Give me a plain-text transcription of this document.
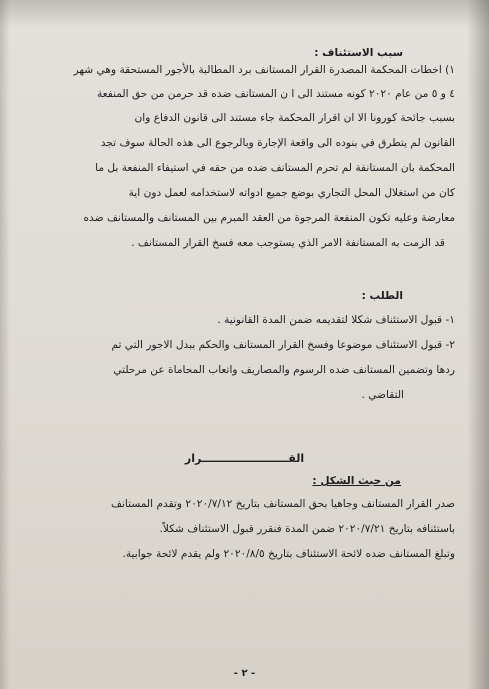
سبب الاستئناف :
١) اخطات المحكمة المصدرة القرار المستانف برد المطالبة بالأجور المستحقة وهي شهر
٤ و ٥ من عام ٢٠٢٠ كونه مستند الى ا ن المستانف ضده قد حرمن من حق المنفعة
بسبب جائحة كورونا الا ان اقرار المحكمة جاء مستند الى قانون الدفاع وان
القانون لم يتطرق في بنوده الى واقعة الإجارة وبالرجوع الى هذه الحالة سوف تجد
المحكمة بان المستانفة لم تحرم المستانف ضده من حقه في استيفاء المنفعة بل ما
كان من استغلال المحل التجاري بوضع جميع ادواته لاستخدامه لعمل دون اية
معارضة وعليه تكون المنفعة المرجوة من العقد المبرم بين المستانف والمستانف ضده
قد الزمت به المستانفة الامر الذي يستوجب معه فسخ القرار المستانف .
الطلب :
١- قبول الاستئناف شكلا لتقديمه ضمن المدة القانونية .
٢- قبول الاستئناف موضوعا وفسخ القرار المستانف والحكم ببدل الاجور التي تم
ردها وتضمين المستانف ضده الرسوم والمصاريف واتعاب المحاماة عن مرحلتي
التقاضي .
القـــــــــــــــــــــــرار
من حيث الشكل :
صدر القرار المستانف وجاهيا بحق المستانف بتاريخ ٢٠٢٠/٧/١٢ وتقدم المستانف
باستئنافه بتاريخ ٢٠٢٠/٧/٢١ ضمن المدة فنقرر قبول الاستئناف شكلاً.
وتبلغ المستانف ضده لائحة الاستئناف بتاريخ ٢٠٢٠/٨/٥ ولم يقدم لائحة جوابية.
- ٢ -
